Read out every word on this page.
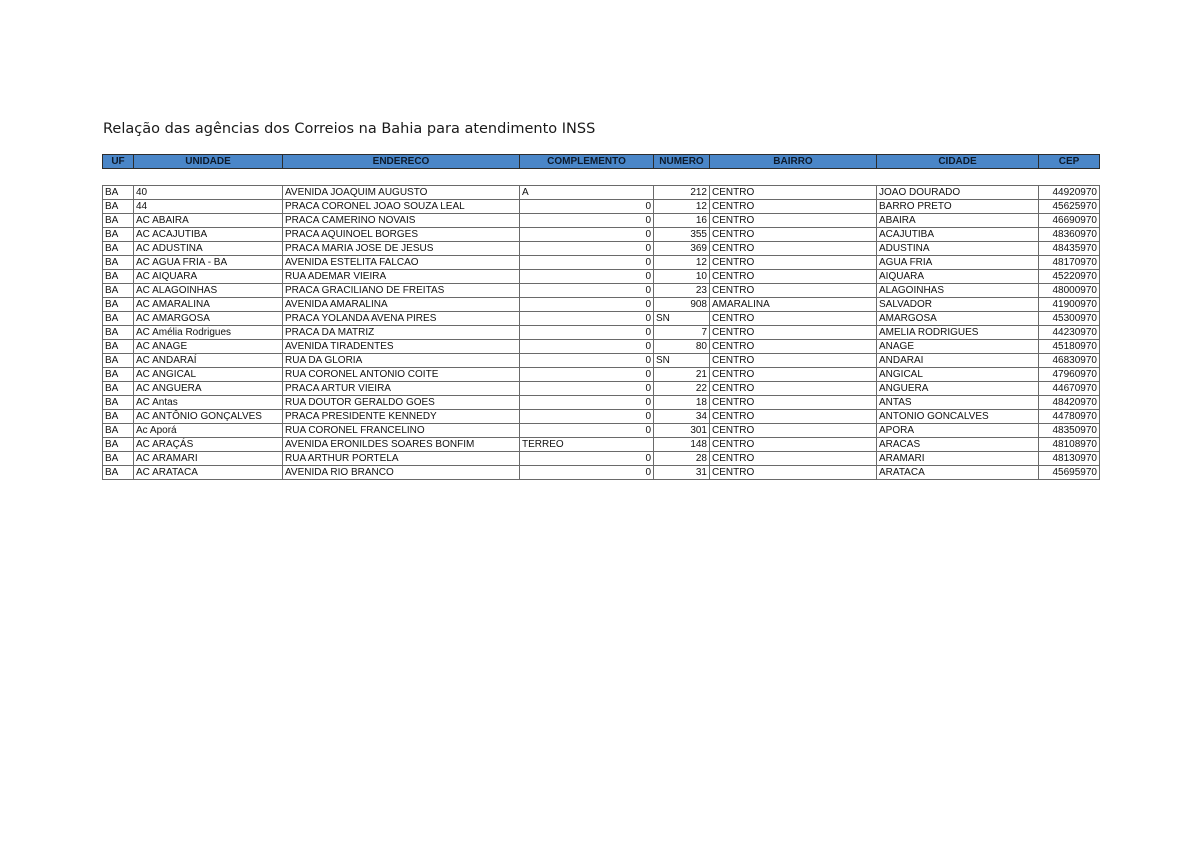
Relação das agências dos Correios na Bahia para atendimento INSS
UF	UNIDADE	ENDERECO	COMPLEMENTO	NUMERO	BAIRRO	CIDADE	CEP

BA	40	AVENIDA JOAQUIM AUGUSTO	A	212	CENTRO	JOAO DOURADO	44920970
BA	44	PRACA CORONEL JOAO SOUZA LEAL	0	12	CENTRO	BARRO PRETO	45625970
BA	AC ABAIRA	PRACA CAMERINO NOVAIS	0	16	CENTRO	ABAIRA	46690970
BA	AC ACAJUTIBA	PRACA AQUINOEL BORGES	0	355	CENTRO	ACAJUTIBA	48360970
BA	AC ADUSTINA	PRACA MARIA JOSE DE JESUS	0	369	CENTRO	ADUSTINA	48435970
BA	AC AGUA FRIA - BA	AVENIDA ESTELITA FALCAO	0	12	CENTRO	AGUA FRIA	48170970
BA	AC AIQUARA	RUA ADEMAR VIEIRA	0	10	CENTRO	AIQUARA	45220970
BA	AC ALAGOINHAS	PRACA GRACILIANO DE FREITAS	0	23	CENTRO	ALAGOINHAS	48000970
BA	AC AMARALINA	AVENIDA AMARALINA	0	908	AMARALINA	SALVADOR	41900970
BA	AC AMARGOSA	PRACA YOLANDA AVENA PIRES	0	SN	CENTRO	AMARGOSA	45300970
BA	AC Amélia Rodrigues	PRACA DA MATRIZ	0	7	CENTRO	AMELIA RODRIGUES	44230970
BA	AC ANAGE	AVENIDA TIRADENTES	0	80	CENTRO	ANAGE	45180970
BA	AC ANDARAÍ	RUA DA GLORIA	0	SN	CENTRO	ANDARAI	46830970
BA	AC ANGICAL	RUA CORONEL ANTONIO COITE	0	21	CENTRO	ANGICAL	47960970
BA	AC ANGUERA	PRACA ARTUR VIEIRA	0	22	CENTRO	ANGUERA	44670970
BA	AC Antas	RUA DOUTOR GERALDO GOES	0	18	CENTRO	ANTAS	48420970
BA	AC ANTÔNIO GONÇALVES	PRACA PRESIDENTE KENNEDY	0	34	CENTRO	ANTONIO GONCALVES	44780970
BA	Ac Aporá	RUA CORONEL FRANCELINO	0	301	CENTRO	APORA	48350970
BA	AC ARAÇÁS	AVENIDA ERONILDES SOARES BONFIM	TERREO	148	CENTRO	ARACAS	48108970
BA	AC ARAMARI	RUA ARTHUR PORTELA	0	28	CENTRO	ARAMARI	48130970
BA	AC ARATACA	AVENIDA RIO BRANCO	0	31	CENTRO	ARATACA	45695970
